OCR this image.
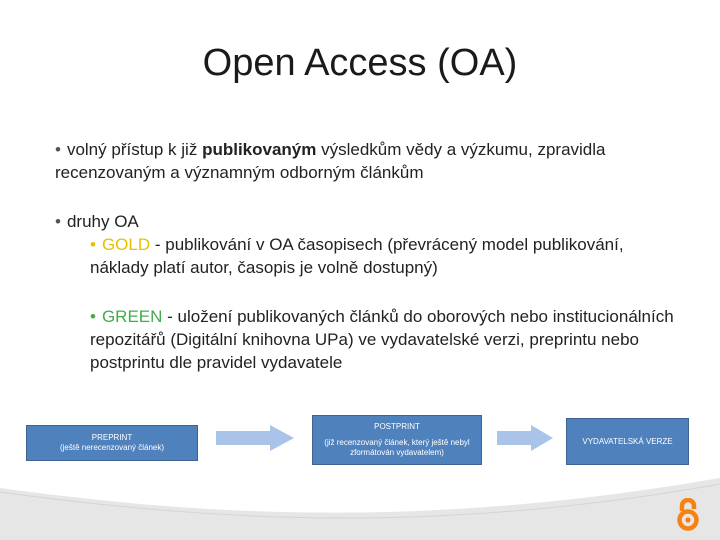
Open Access (OA)

• volný přístup k již publikovaným výsledkům vědy a výzkumu, zpravidla recenzovaným a významným odborným článkům

• druhy OA

• GOLD - publikování v OA časopisech (převrácený model publikování, náklady platí autor, časopis je volně dostupný)

• GREEN - uložení publikovaných článků do oborových nebo institucionálních repozitářů (Digitální knihovna UPa) ve vydavatelské verzi, preprintu nebo postprintu dle pravidel vydavatele

PREPRINT
(ještě nerecenzovaný článek)
POSTPRINT
(již recenzovaný článek, který ještě nebyl zformátován vydavatelem)
VYDAVATELSKÁ VERZE
